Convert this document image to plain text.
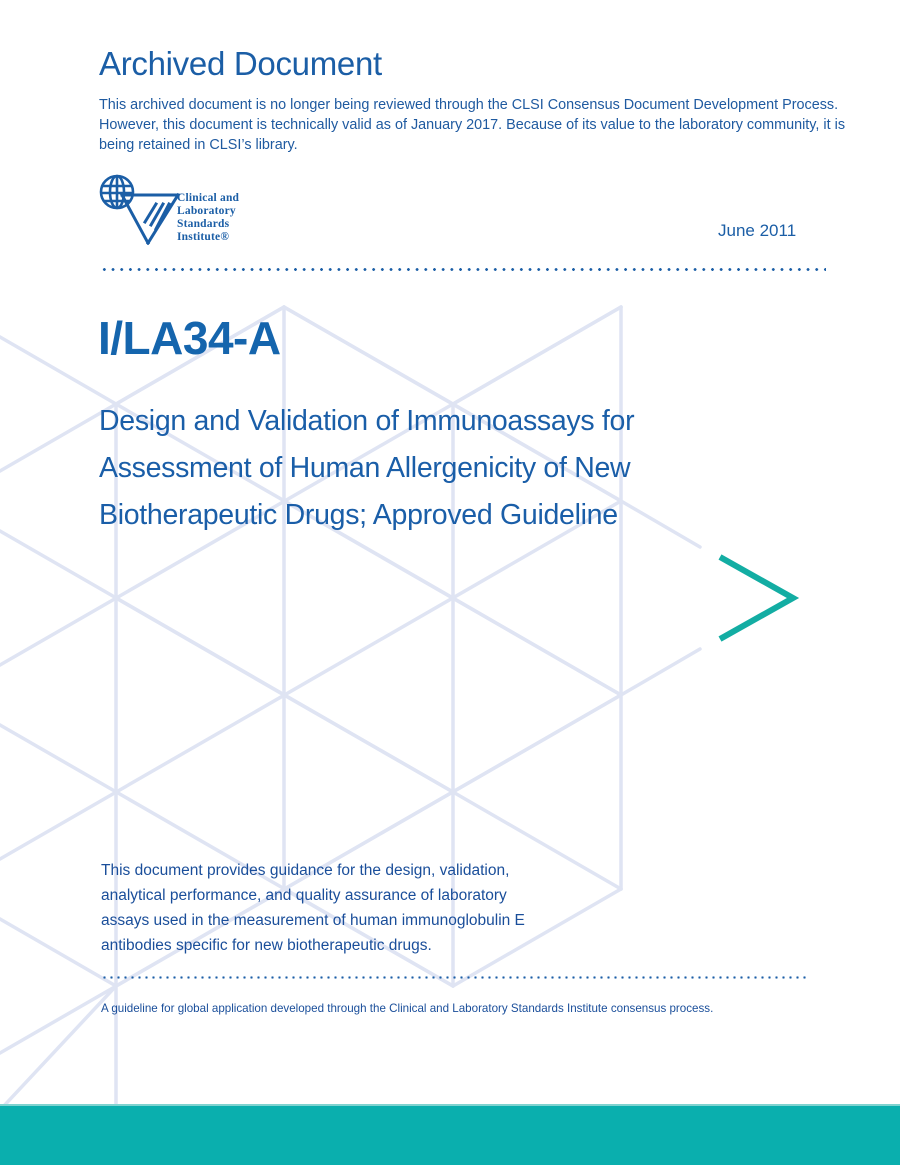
Archived Document
This archived document is no longer being reviewed through the CLSI Consensus Document Development Process. However, this document is technically valid as of January 2017. Because of its value to the laboratory community, it is being retained in CLSI’s library.
Clinical and
Laboratory
Standards
Institute®	June 2011
I/LA34-A
Design and Validation of Immunoassays for
Assessment of Human Allergenicity of New
Biotherapeutic Drugs; Approved Guideline
This document provides guidance for the design, validation,
analytical performance, and quality assurance of laboratory
assays used in the measurement of human immunoglobulin E
antibodies specific for new biotherapeutic drugs.
A guideline for global application developed through the Clinical and Laboratory Standards Institute consensus process.
